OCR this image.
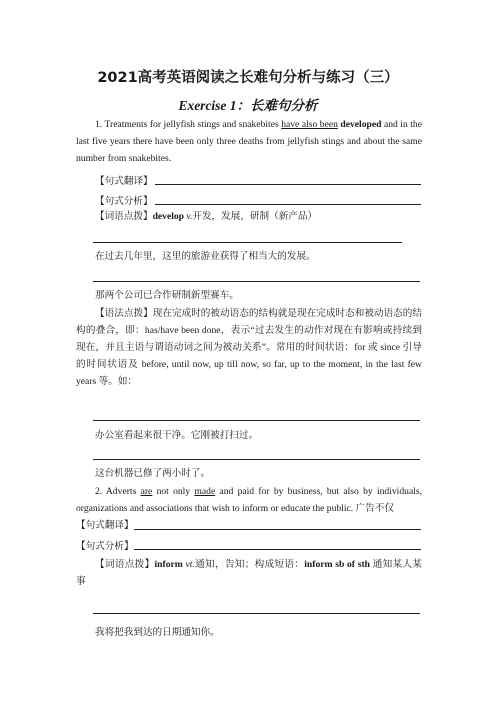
2021高考英语阅读之长难句分析与练习（三）
Exercise 1：长难句分析

1. Treatments for jellyfish stings and snakebites have also been developed and in the last five years there have been only three deaths from jellyfish stings and about the same number from snakebites.

【句式翻译】
【句式分析】
【词语点拨】develop v.开发，发展，研制（新产品）
在过去几年里，这里的旅游业获得了相当大的发展。
那两个公司已合作研制新型赛车。

【语法点拨】现在完成时的被动语态的结构就是现在完成时态和被动语态的结构的叠合，即：has/have been done，表示“过去发生的动作对现在有影响或持续到现在，并且主语与谓语动词之间为被动关系”。常用的时间状语：for 或 since 引导的时间状语及 before, until now, up till now, so far, up to the moment, in the last few years 等。如：

办公室看起来很干净。它刚被打扫过。
这台机器已修了两小时了。

2. Adverts are not only made and paid for by business, but also by individuals, organizations and associations that wish to inform or educate the public. 广告不仅

【句式翻译】
【句式分析】

【词语点拨】inform vt.通知，告知；构成短语：inform sb of sth 通知某人某事

我将把我到达的日期通知你。
